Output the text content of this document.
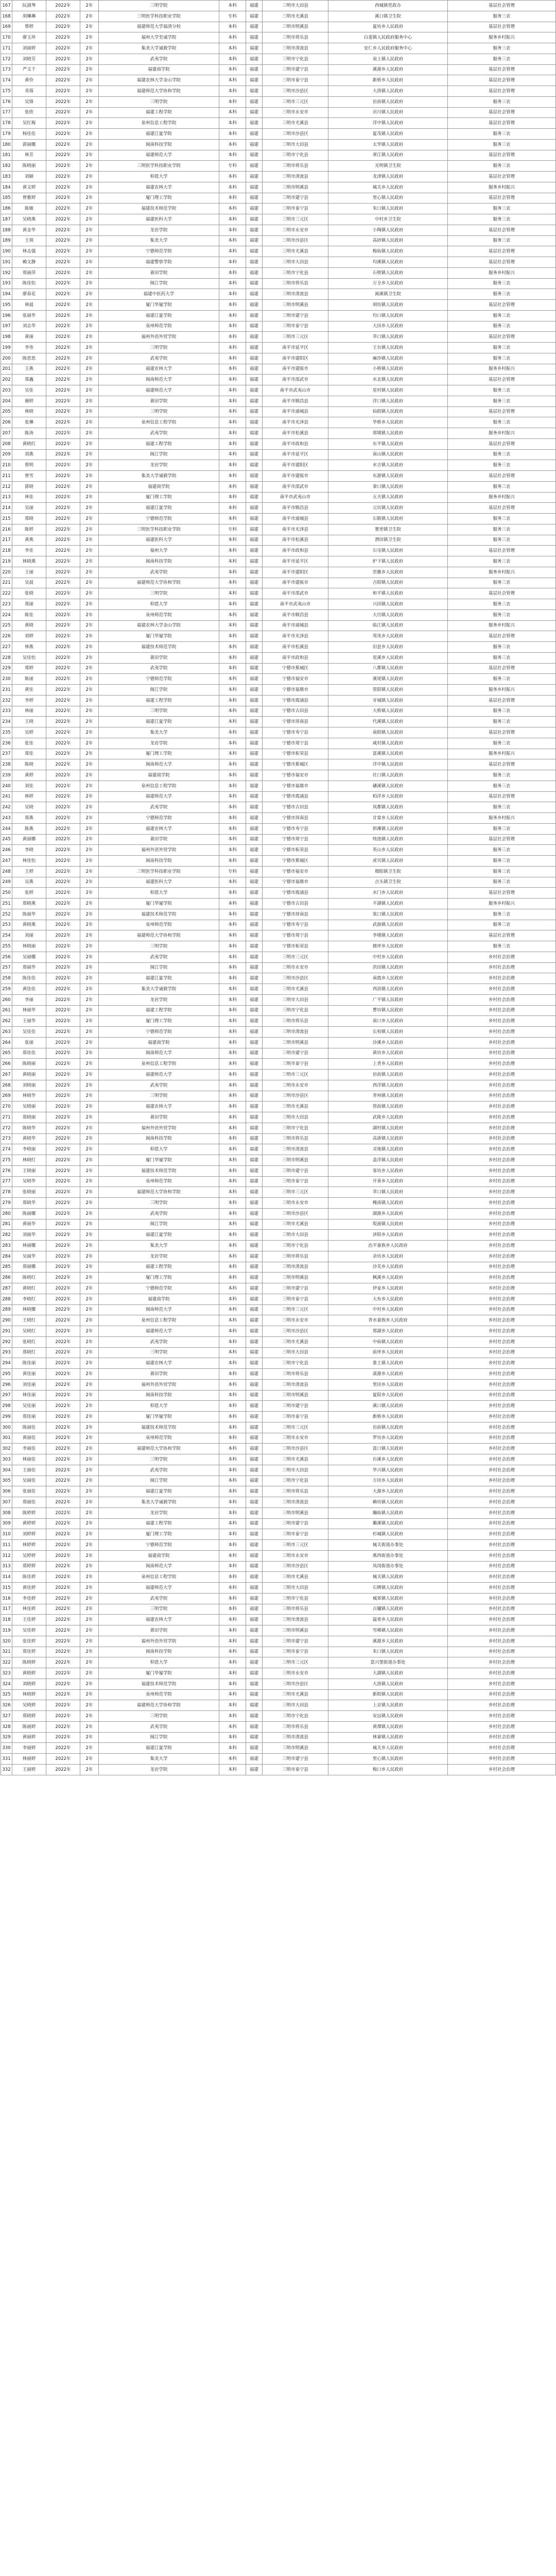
167	阮淑琴	2022年	2年	三明学院	本科	福建	三明市大田县	西城镇党政办	基层社会管理
168	胡琳琳	2022年	2年	三明医学科技职业学院	专科	福建	三明市尤溪县	溪口镇卫生院	服务三农
169	蔡婷	2022年	2年	福建师范大学福清分校	本科	福建	三明市明溪县	夏坊乡人民政府	基层社会管理
170	廖玉珍	2022年	2年	福州大学至诚学院	本科	福建	三明市将乐县	白莲镇人民政府服务中心	服务乡村振兴
171	刘丽婷	2022年	2年	集美大学诚毅学院	本科	福建	三明市清流县	安仁乡人民政府服务中心	服务三农
172	刘晓芳	2022年	2年	武夷学院	本科	福建	三明市宁化县	泉上镇人民政府	服务三农
173	严文千	2022年	2年	福建商学院	本科	福建	三明市建宁县	溪源乡人民政府	基层社会管理
174	黄伶	2022年	2年	福建农林大学金山学院	本科	福建	三明市泰宁县	新桥乡人民政府	基层社会管理
175	邓蓉	2022年	2年	福建师范大学协和学院	本科	福建	三明市沙县区	大洛镇人民政府	基层社会管理
176	吴锋	2022年	2年	三明学院	本科	福建	三明市三元区	岩前镇人民政府	服务三农
177	张欣	2022年	2年	福建工程学院	本科	福建	三明市永安市	贡川镇人民政府	基层社会管理
178	吴红梅	2022年	2年	泉州信息工程学院	本科	福建	三明市尤溪县	洋中镇人民政府	基层社会管理
179	杨佳佳	2022年	2年	福建江夏学院	本科	福建	三明市沙县区	夏茂镇人民政府	服务三农
180	郭丽娜	2022年	2年	闽南科技学院	本科	福建	三明市大田县	太华镇人民政府	服务三农
181	林芳	2022年	2年	福建师范大学	本科	福建	三明市宁化县	翠江镇人民政府	基层社会管理
182	陈晓丽	2022年	2年	三明医学科技职业学院	专科	福建	三明市将乐县	光明镇卫生院	服务三农
183	刘颖	2022年	2年	仰恩大学	本科	福建	三明市清流县	龙津镇人民政府	基层社会管理
184	黄文婷	2022年	2年	福建农林大学	本科	福建	三明市明溪县	城关乡人民政府	服务乡村振兴
185	曾雅婷	2022年	2年	厦门理工学院	本科	福建	三明市建宁县	里心镇人民政府	基层社会管理
186	陈敏	2022年	2年	福建技术师范学院	本科	福建	三明市泰宁县	朱口镇人民政府	服务三农
187	吴晓燕	2022年	2年	福建医科大学	本科	福建	三明市三元区	中村乡卫生院	服务三农
188	黄金华	2022年	2年	龙岩学院	本科	福建	三明市永安市	小陶镇人民政府	基层社会管理
189	王琪	2022年	2年	集美大学	本科	福建	三明市沙县区	高砂镇人民政府	服务三农
190	林志强	2022年	2年	宁德师范学院	本科	福建	三明市尤溪县	梅仙镇人民政府	基层社会管理
191	赖文静	2022年	2年	福建警察学院	本科	福建	三明市大田县	均溪镇人民政府	基层社会管理
192	郑丽萍	2022年	2年	莆田学院	本科	福建	三明市宁化县	石壁镇人民政府	服务乡村振兴
193	陈佳怡	2022年	2年	闽江学院	本科	福建	三明市将乐县	万全乡人民政府	服务三农
194	廖春花	2022年	2年	福建中医药大学	本科	福建	三明市清流县	嵩溪镇卫生院	服务三农
195	林晨	2022年	2年	厦门华厦学院	本科	福建	三明市明溪县	胡坊镇人民政府	基层社会管理
196	张丽华	2022年	2年	福建江夏学院	本科	福建	三明市建宁县	均口镇人民政府	服务三农
197	刘志华	2022年	2年	泉州师范学院	本科	福建	三明市泰宁县	大田乡人民政府	服务三农
198	黄丽	2022年	2年	福州外语外贸学院	本科	福建	三明市三元区	莘口镇人民政府	基层社会管理
199	李伟	2022年	2年	三明学院	本科	福建	南平市延平区	王台镇人民政府	服务三农
200	陈思思	2022年	2年	武夷学院	本科	福建	南平市建阳区	麻沙镇人民政府	服务三农
201	王燕	2022年	2年	福建农林大学	本科	福建	南平市建瓯市	小桥镇人民政府	服务乡村振兴
202	郑鑫	2022年	2年	闽南师范大学	本科	福建	南平市邵武市	水北镇人民政府	基层社会管理
203	吴佳	2022年	2年	福建师范大学	本科	福建	南平市武夷山市	星村镇人民政府	服务三农
204	谢婷	2022年	2年	莆田学院	本科	福建	南平市顺昌县	洋口镇人民政府	服务三农
205	林晓	2022年	2年	三明学院	本科	福建	南平市浦城县	仙阳镇人民政府	基层社会管理
206	张琳	2022年	2年	泉州信息工程学院	本科	福建	南平市光泽县	华桥乡人民政府	服务三农
207	陈涛	2022年	2年	武夷学院	本科	福建	南平市松溪县	郑墩镇人民政府	服务乡村振兴
208	黄晓红	2022年	2年	福建工程学院	本科	福建	南平市政和县	东平镇人民政府	基层社会管理
209	刘燕	2022年	2年	闽江学院	本科	福建	南平市延平区	南山镇人民政府	服务三农
210	蔡明	2022年	2年	龙岩学院	本科	福建	南平市建阳区	水吉镇人民政府	服务三农
211	曾雪	2022年	2年	集美大学诚毅学院	本科	福建	南平市建瓯市	东游镇人民政府	基层社会管理
212	郭晓	2022年	2年	福建商学院	本科	福建	南平市邵武市	拿口镇人民政府	服务三农
213	林佳	2022年	2年	厦门理工学院	本科	福建	南平市武夷山市	五夫镇人民政府	服务乡村振兴
214	吴丽	2022年	2年	福建江夏学院	本科	福建	南平市顺昌县	元坑镇人民政府	基层社会管理
215	郑晓	2022年	2年	宁德师范学院	本科	福建	南平市浦城县	石陂镇人民政府	服务三农
216	陈婷	2022年	2年	三明医学科技职业学院	专科	福建	南平市光泽县	寨里镇卫生院	服务三农
217	黄燕	2022年	2年	福建医科大学	本科	福建	南平市松溪县	渭田镇卫生院	服务三农
218	李佳	2022年	2年	福州大学	本科	福建	南平市政和县	石屯镇人民政府	基层社会管理
219	林晓燕	2022年	2年	闽南科技学院	本科	福建	南平市延平区	炉下镇人民政府	服务三农
220	王丽	2022年	2年	武夷学院	本科	福建	南平市建阳区	崇雒乡人民政府	服务乡村振兴
221	吴晨	2022年	2年	福建师范大学协和学院	本科	福建	南平市建瓯市	吉阳镇人民政府	服务三农
222	张晓	2022年	2年	三明学院	本科	福建	南平市邵武市	和平镇人民政府	基层社会管理
223	郑丽	2022年	2年	仰恩大学	本科	福建	南平市武夷山市	兴田镇人民政府	服务三农
224	陈佳	2022年	2年	泉州师范学院	本科	福建	南平市顺昌县	大历镇人民政府	服务三农
225	黄晓	2022年	2年	福建农林大学金山学院	本科	福建	南平市浦城县	临江镇人民政府	服务乡村振兴
226	刘婷	2022年	2年	厦门华厦学院	本科	福建	南平市光泽县	鸾凤乡人民政府	基层社会管理
227	林燕	2022年	2年	福建技术师范学院	本科	福建	南平市松溪县	旧县乡人民政府	服务三农
228	吴佳怡	2022年	2年	莆田学院	本科	福建	南平市政和县	星溪乡人民政府	服务三农
229	郑婷	2022年	2年	武夷学院	本科	福建	宁德市蕉城区	八都镇人民政府	基层社会管理
230	陈丽	2022年	2年	宁德师范学院	本科	福建	宁德市福安市	溪尾镇人民政府	服务三农
231	黄佳	2022年	2年	闽江学院	本科	福建	宁德市福鼎市	管阳镇人民政府	服务乡村振兴
232	李婷	2022年	2年	福建工程学院	本科	福建	宁德市霞浦县	牙城镇人民政府	基层社会管理
233	林丽	2022年	2年	三明学院	本科	福建	宁德市古田县	大桥镇人民政府	服务三农
234	王晓	2022年	2年	福建江夏学院	本科	福建	宁德市屏南县	代溪镇人民政府	服务三农
235	吴婷	2022年	2年	集美大学	本科	福建	宁德市寿宁县	南阳镇人民政府	基层社会管理
236	张佳	2022年	2年	龙岩学院	本科	福建	宁德市周宁县	咸村镇人民政府	服务三农
237	郑佳	2022年	2年	厦门理工学院	本科	福建	宁德市柘荣县	富溪镇人民政府	服务乡村振兴
238	陈晓	2022年	2年	闽南师范大学	本科	福建	宁德市蕉城区	洋中镇人民政府	基层社会管理
239	黄婷	2022年	2年	福建商学院	本科	福建	宁德市福安市	社口镇人民政府	服务三农
240	刘佳	2022年	2年	泉州信息工程学院	本科	福建	宁德市福鼎市	磻溪镇人民政府	服务三农
241	林婷	2022年	2年	福建师范大学	本科	福建	宁德市霞浦县	柏洋乡人民政府	基层社会管理
242	吴晓	2022年	2年	武夷学院	本科	福建	宁德市古田县	凤都镇人民政府	服务三农
243	郑燕	2022年	2年	宁德师范学院	本科	福建	宁德市屏南县	甘棠乡人民政府	服务乡村振兴
244	陈燕	2022年	2年	福建农林大学	本科	福建	宁德市寿宁县	斜滩镇人民政府	服务三农
245	黄丽娜	2022年	2年	莆田学院	本科	福建	宁德市周宁县	纯池镇人民政府	基层社会管理
246	李晓	2022年	2年	福州外语外贸学院	本科	福建	宁德市柘荣县	英山乡人民政府	服务三农
247	林佳怡	2022年	2年	闽南科技学院	本科	福建	宁德市蕉城区	虎贝镇人民政府	服务三农
248	王婷	2022年	2年	三明医学科技职业学院	专科	福建	宁德市福安市	穆阳镇卫生院	服务三农
249	吴燕	2022年	2年	福建医科大学	本科	福建	宁德市福鼎市	点头镇卫生院	服务三农
250	张婷	2022年	2年	仰恩大学	本科	福建	宁德市霞浦县	水门乡人民政府	基层社会管理
251	郑晓燕	2022年	2年	厦门华厦学院	本科	福建	宁德市古田县	平湖镇人民政府	服务乡村振兴
252	陈丽华	2022年	2年	福建技术师范学院	本科	福建	宁德市屏南县	棠口镇人民政府	服务三农
253	黄晓燕	2022年	2年	泉州师范学院	本科	福建	宁德市寿宁县	武曲镇人民政府	服务三农
254	刘丽	2022年	2年	福建师范大学协和学院	本科	福建	宁德市周宁县	李墩镇人民政府	基层社会管理
255	林晓丽	2022年	2年	三明学院	本科	福建	宁德市柘荣县	楮坪乡人民政府	服务三农
256	吴丽娜	2022年	2年	武夷学院	本科	福建	三明市三元区	中村乡人民政府	乡村社会治理
257	郑丽华	2022年	2年	闽江学院	本科	福建	三明市永安市	洪田镇人民政府	乡村社会治理
258	陈佳佳	2022年	2年	福建江夏学院	本科	福建	三明市沙县区	南霞乡人民政府	乡村社会治理
259	黄佳佳	2022年	2年	集美大学诚毅学院	本科	福建	三明市尤溪县	西滨镇人民政府	乡村社会治理
260	李丽	2022年	2年	龙岩学院	本科	福建	三明市大田县	广平镇人民政府	乡村社会治理
261	林丽华	2022年	2年	福建工程学院	本科	福建	三明市宁化县	曹坊镇人民政府	乡村社会治理
262	王丽华	2022年	2年	厦门理工学院	本科	福建	三明市将乐县	南口乡人民政府	乡村社会治理
263	吴佳佳	2022年	2年	宁德师范学院	本科	福建	三明市清流县	长校镇人民政府	乡村社会治理
264	张丽	2022年	2年	福建商学院	本科	福建	三明市明溪县	沙溪乡人民政府	乡村社会治理
265	郑佳佳	2022年	2年	闽南师范大学	本科	福建	三明市建宁县	黄坊乡人民政府	乡村社会治理
266	陈晓丽	2022年	2年	泉州信息工程学院	本科	福建	三明市泰宁县	上青乡人民政府	乡村社会治理
267	黄晓丽	2022年	2年	福建师范大学	本科	福建	三明市三元区	岩前镇人民政府	乡村社会治理
268	刘晓丽	2022年	2年	武夷学院	本科	福建	三明市永安市	西洋镇人民政府	乡村社会治理
269	林晓华	2022年	2年	三明学院	本科	福建	三明市沙县区	青州镇人民政府	乡村社会治理
270	吴晓丽	2022年	2年	福建农林大学	本科	福建	三明市尤溪县	管前镇人民政府	乡村社会治理
271	郑晓丽	2022年	2年	莆田学院	本科	福建	三明市大田县	武陵乡人民政府	乡村社会治理
272	陈晓华	2022年	2年	福州外语外贸学院	本科	福建	三明市宁化县	湖村镇人民政府	乡村社会治理
273	黄晓华	2022年	2年	闽南科技学院	本科	福建	三明市将乐县	高唐镇人民政府	乡村社会治理
274	李晓丽	2022年	2年	仰恩大学	本科	福建	三明市清流县	灵地镇人民政府	乡村社会治理
275	林晓红	2022年	2年	厦门华厦学院	本科	福建	三明市明溪县	盖洋镇人民政府	乡村社会治理
276	王晓丽	2022年	2年	福建技术师范学院	本科	福建	三明市建宁县	客坊乡人民政府	乡村社会治理
277	吴晓华	2022年	2年	泉州师范学院	本科	福建	三明市泰宁县	开善乡人民政府	乡村社会治理
278	张晓丽	2022年	2年	福建师范大学协和学院	本科	福建	三明市三元区	莘口镇人民政府	乡村社会治理
279	郑晓华	2022年	2年	三明学院	本科	福建	三明市永安市	槐南镇人民政府	乡村社会治理
280	陈丽娜	2022年	2年	武夷学院	本科	福建	三明市沙县区	湖源乡人民政府	乡村社会治理
281	黄丽华	2022年	2年	闽江学院	本科	福建	三明市尤溪县	坂面镇人民政府	乡村社会治理
282	刘丽华	2022年	2年	福建江夏学院	本科	福建	三明市大田县	济阳乡人民政府	乡村社会治理
283	林丽娜	2022年	2年	集美大学	本科	福建	三明市宁化县	治平畲族乡人民政府	乡村社会治理
284	吴丽华	2022年	2年	龙岩学院	本科	福建	三明市将乐县	余坊乡人民政府	乡村社会治理
285	郑丽娜	2022年	2年	福建工程学院	本科	福建	三明市清流县	沙芜乡人民政府	乡村社会治理
286	陈晓红	2022年	2年	厦门理工学院	本科	福建	三明市明溪县	枫溪乡人民政府	乡村社会治理
287	黄晓红	2022年	2年	宁德师范学院	本科	福建	三明市建宁县	伊家乡人民政府	乡村社会治理
288	李晓红	2022年	2年	福建商学院	本科	福建	三明市泰宁县	大布乡人民政府	乡村社会治理
289	林晓娜	2022年	2年	闽南师范大学	本科	福建	三明市三元区	中村乡人民政府	乡村社会治理
290	王晓红	2022年	2年	泉州信息工程学院	本科	福建	三明市永安市	青水畲族乡人民政府	乡村社会治理
291	吴晓红	2022年	2年	福建师范大学	本科	福建	三明市沙县区	郑湖乡人民政府	乡村社会治理
292	张晓红	2022年	2年	武夷学院	本科	福建	三明市尤溪县	中仙镇人民政府	乡村社会治理
293	郑晓红	2022年	2年	三明学院	本科	福建	三明市大田县	前坪乡人民政府	乡村社会治理
294	陈佳丽	2022年	2年	福建农林大学	本科	福建	三明市宁化县	淮土镇人民政府	乡村社会治理
295	黄佳丽	2022年	2年	莆田学院	本科	福建	三明市将乐县	漠源乡人民政府	乡村社会治理
296	刘佳丽	2022年	2年	福州外语外贸学院	本科	福建	三明市清流县	里田乡人民政府	乡村社会治理
297	林佳丽	2022年	2年	闽南科技学院	本科	福建	三明市明溪县	夏阳乡人民政府	乡村社会治理
298	吴佳丽	2022年	2年	仰恩大学	本科	福建	三明市建宁县	溪口镇人民政府	乡村社会治理
299	郑佳丽	2022年	2年	厦门华厦学院	本科	福建	三明市泰宁县	新桥乡人民政府	乡村社会治理
300	陈丽佳	2022年	2年	福建技术师范学院	本科	福建	三明市三元区	岩前镇人民政府	乡村社会治理
301	黄丽佳	2022年	2年	泉州师范学院	本科	福建	三明市永安市	罗坊乡人民政府	乡村社会治理
302	李丽佳	2022年	2年	福建师范大学协和学院	本科	福建	三明市沙县区	富口镇人民政府	乡村社会治理
303	林丽佳	2022年	2年	三明学院	本科	福建	三明市尤溪县	台溪乡人民政府	乡村社会治理
304	王丽佳	2022年	2年	武夷学院	本科	福建	三明市大田县	华兴镇人民政府	乡村社会治理
305	吴丽佳	2022年	2年	闽江学院	本科	福建	三明市宁化县	方田乡人民政府	乡村社会治理
306	张丽佳	2022年	2年	福建江夏学院	本科	福建	三明市将乐县	大源乡人民政府	乡村社会治理
307	郑丽佳	2022年	2年	集美大学诚毅学院	本科	福建	三明市清流县	赖坊镇人民政府	乡村社会治理
308	陈婷婷	2022年	2年	龙岩学院	本科	福建	三明市明溪县	瀚仙镇人民政府	乡村社会治理
309	黄婷婷	2022年	2年	福建工程学院	本科	福建	三明市建宁县	濉溪镇人民政府	乡村社会治理
310	刘婷婷	2022年	2年	厦门理工学院	本科	福建	三明市泰宁县	杉城镇人民政府	乡村社会治理
311	林婷婷	2022年	2年	宁德师范学院	本科	福建	三明市三元区	城关街道办事处	乡村社会治理
312	吴婷婷	2022年	2年	福建商学院	本科	福建	三明市永安市	燕西街道办事处	乡村社会治理
313	郑婷婷	2022年	2年	闽南师范大学	本科	福建	三明市沙县区	凤岗街道办事处	乡村社会治理
314	陈佳婷	2022年	2年	泉州信息工程学院	本科	福建	三明市尤溪县	城关镇人民政府	乡村社会治理
315	黄佳婷	2022年	2年	福建师范大学	本科	福建	三明市大田县	石牌镇人民政府	乡村社会治理
316	李佳婷	2022年	2年	武夷学院	本科	福建	三明市宁化县	城郊镇人民政府	乡村社会治理
317	林佳婷	2022年	2年	三明学院	本科	福建	三明市将乐县	古镛镇人民政府	乡村社会治理
318	王佳婷	2022年	2年	福建农林大学	本科	福建	三明市清流县	温郊乡人民政府	乡村社会治理
319	吴佳婷	2022年	2年	莆田学院	本科	福建	三明市明溪县	雪峰镇人民政府	乡村社会治理
320	张佳婷	2022年	2年	福州外语外贸学院	本科	福建	三明市建宁县	溪源乡人民政府	乡村社会治理
321	郑佳婷	2022年	2年	闽南科技学院	本科	福建	三明市泰宁县	朱口镇人民政府	乡村社会治理
322	陈晓婷	2022年	2年	仰恩大学	本科	福建	三明市三元区	富兴堡街道办事处	乡村社会治理
323	黄晓婷	2022年	2年	厦门华厦学院	本科	福建	三明市永安市	大湖镇人民政府	乡村社会治理
324	刘晓婷	2022年	2年	福建技术师范学院	本科	福建	三明市沙县区	大洛镇人民政府	乡村社会治理
325	林晓婷	2022年	2年	泉州师范学院	本科	福建	三明市尤溪县	新阳镇人民政府	乡村社会治理
326	吴晓婷	2022年	2年	福建师范大学协和学院	本科	福建	三明市大田县	上京镇人民政府	乡村社会治理
327	郑晓婷	2022年	2年	三明学院	本科	福建	三明市宁化县	安远镇人民政府	乡村社会治理
328	陈丽婷	2022年	2年	武夷学院	本科	福建	三明市将乐县	黄潭镇人民政府	乡村社会治理
329	黄丽婷	2022年	2年	闽江学院	本科	福建	三明市清流县	林畲镇人民政府	乡村社会治理
330	李丽婷	2022年	2年	福建江夏学院	本科	福建	三明市明溪县	城关乡人民政府	乡村社会治理
331	林丽婷	2022年	2年	集美大学	本科	福建	三明市建宁县	里心镇人民政府	乡村社会治理
332	王丽婷	2022年	2年	龙岩学院	本科	福建	三明市泰宁县	梅口乡人民政府	乡村社会治理
